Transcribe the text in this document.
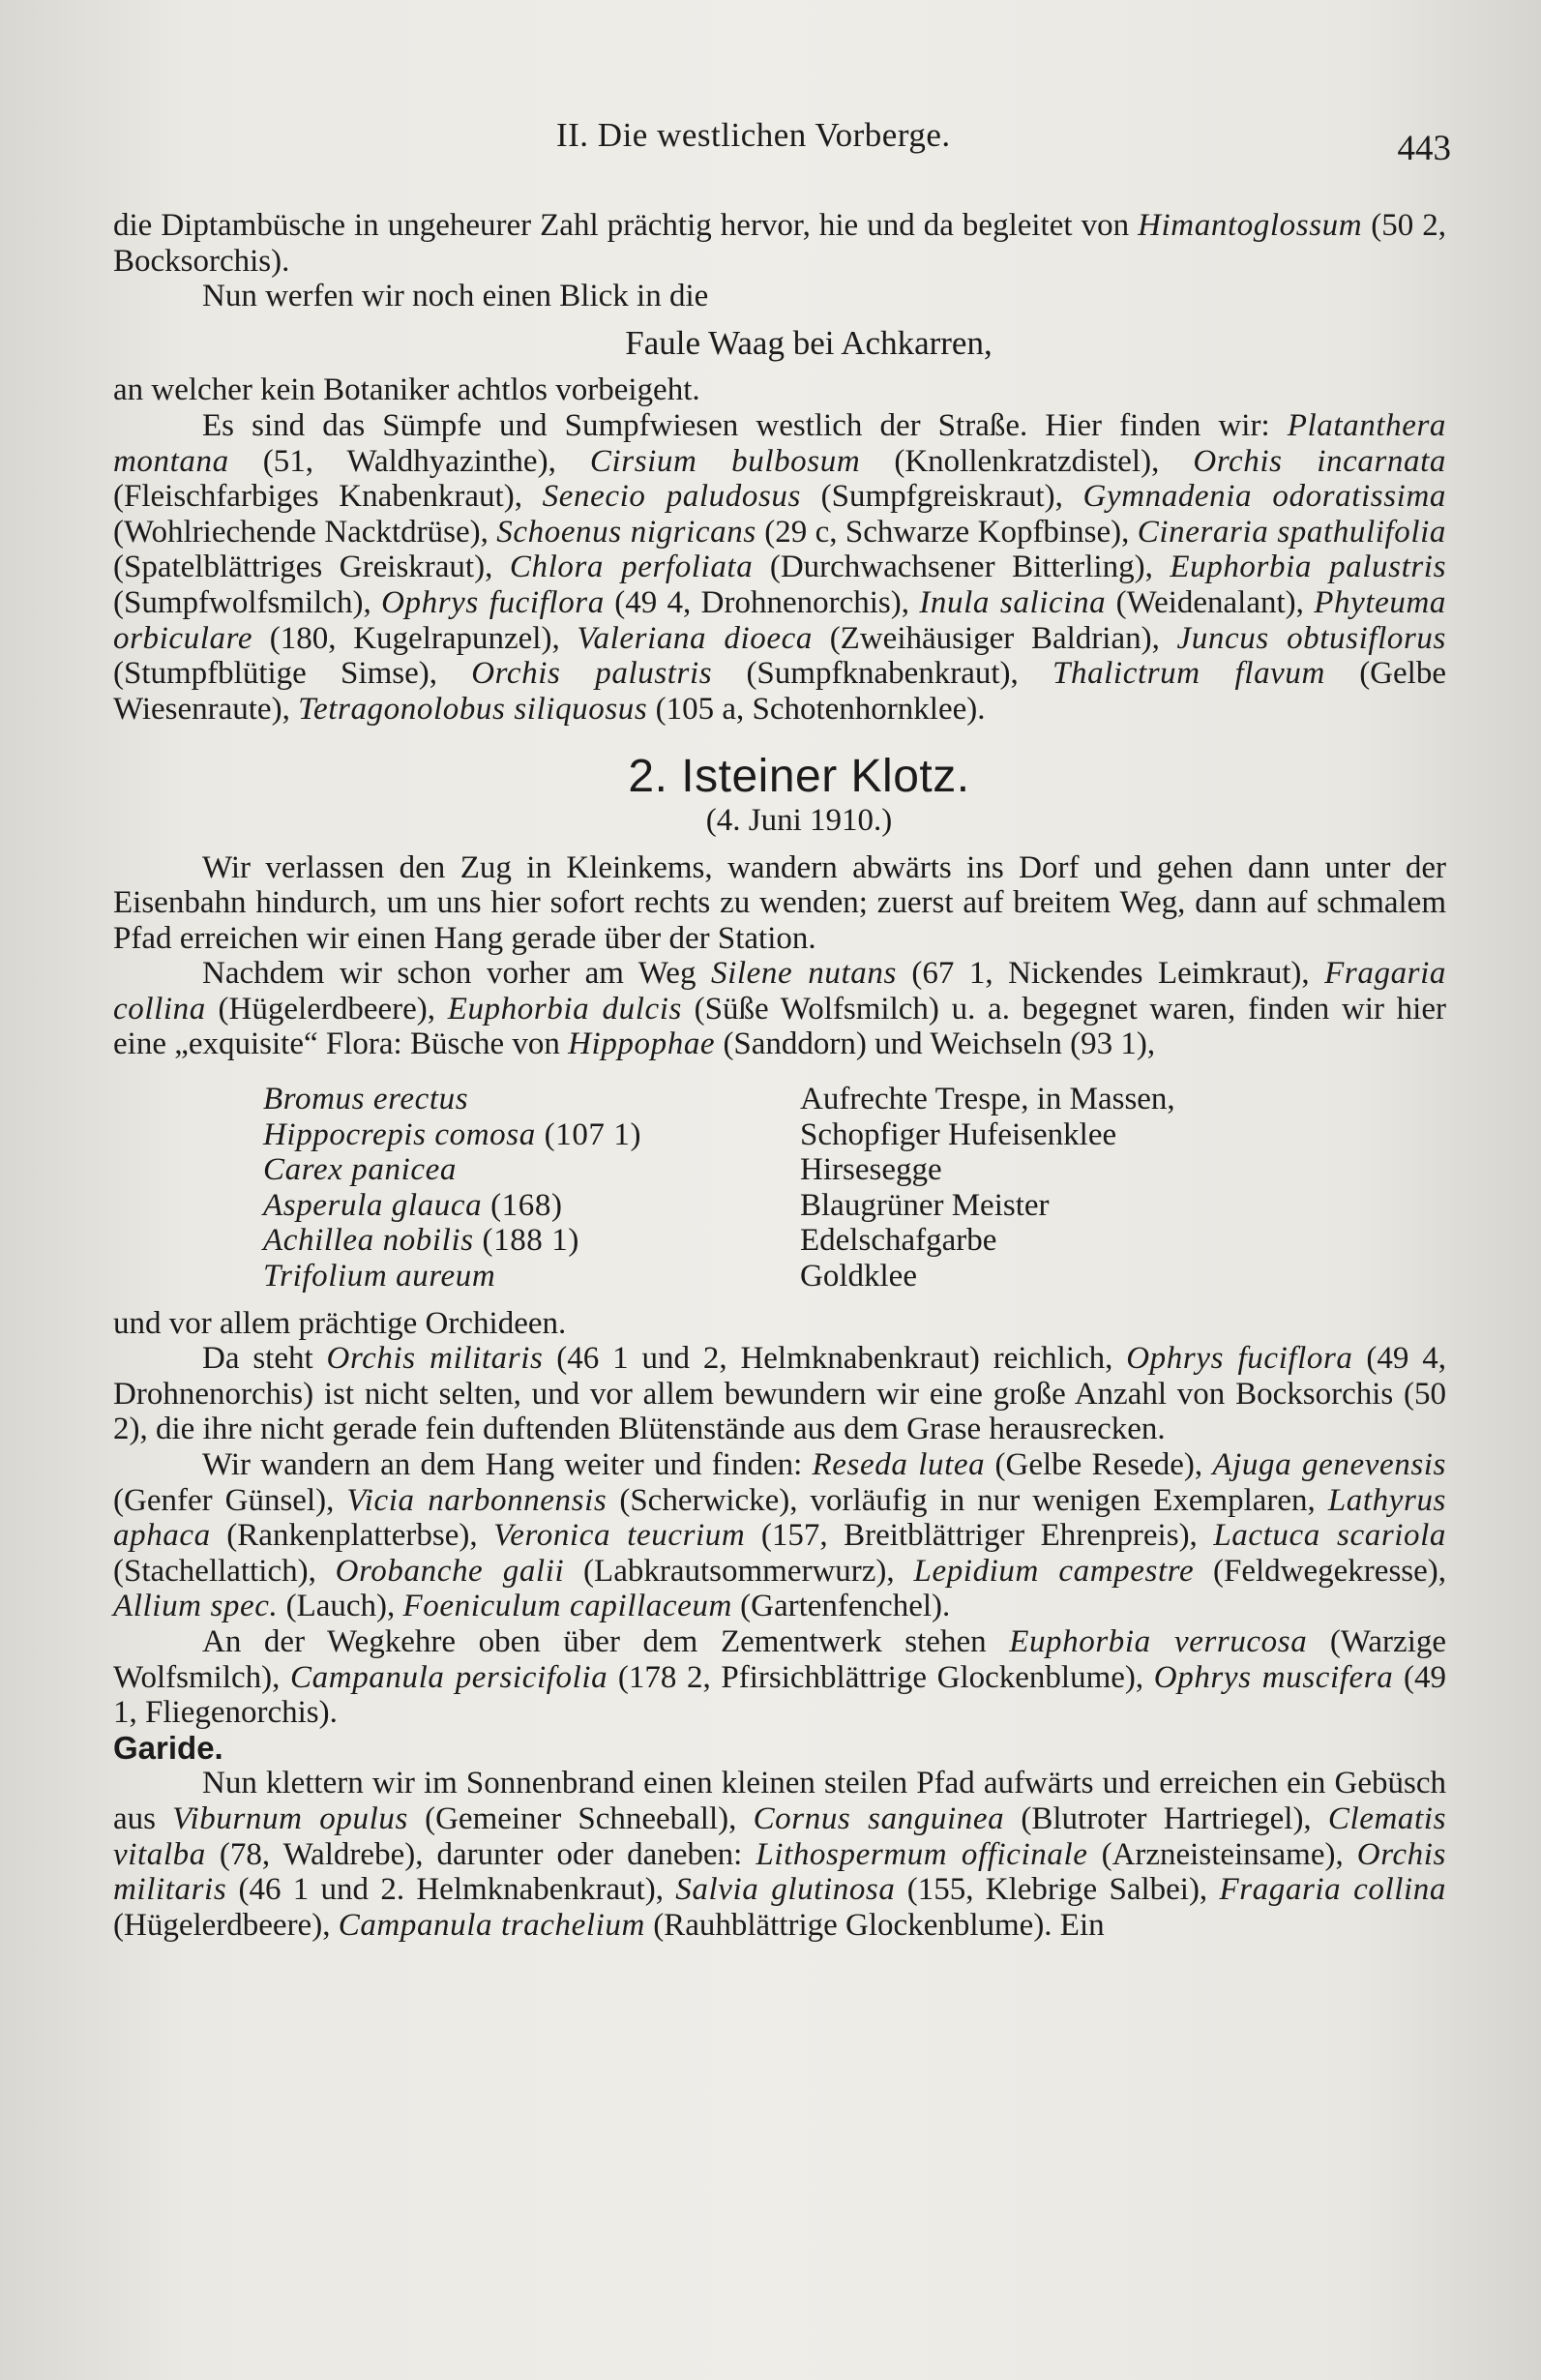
II. Die westlichen Vorberge.	443

die Diptambüsche in ungeheurer Zahl prächtig hervor, hie und da begleitet von Himantoglossum (50 2, Bocksorchis).

Nun werfen wir noch einen Blick in die

Faule Waag bei Achkarren,

an welcher kein Botaniker achtlos vorbeigeht.

Es sind das Sümpfe und Sumpfwiesen westlich der Straße. Hier finden wir: Platanthera montana (51, Waldhyazinthe), Cirsium bulbosum (Knollenkratzdistel), Orchis incarnata (Fleischfarbiges Knabenkraut), Senecio paludosus (Sumpfgreiskraut), Gymnadenia odoratissima (Wohlriechende Nacktdrüse), Schoenus nigricans (29 c, Schwarze Kopfbinse), Cineraria spathulifolia (Spatelblättriges Greiskraut), Chlora perfoliata (Durchwachsener Bitterling), Euphorbia palustris (Sumpfwolfsmilch), Ophrys fuciflora (49 4, Drohnenorchis), Inula salicina (Weidenalant), Phyteuma orbiculare (180, Kugelrapunzel), Valeriana dioeca (Zweihäusiger Baldrian), Juncus obtusiflorus (Stumpfblütige Simse), Orchis palustris (Sumpfknabenkraut), Thalictrum flavum (Gelbe Wiesenraute), Tetragonolobus siliquosus (105 a, Schotenhornklee).

2. Isteiner Klotz.

(4. Juni 1910.)

Wir verlassen den Zug in Kleinkems, wandern abwärts ins Dorf und gehen dann unter der Eisenbahn hindurch, um uns hier sofort rechts zu wenden; zuerst auf breitem Weg, dann auf schmalem Pfad erreichen wir einen Hang gerade über der Station.

Nachdem wir schon vorher am Weg Silene nutans (67 1, Nickendes Leimkraut), Fragaria collina (Hügelerdbeere), Euphorbia dulcis (Süße Wolfsmilch) u. a. begegnet waren, finden wir hier eine „exquisite“ Flora: Büsche von Hippophae (Sanddorn) und Weichseln (93 1),

Bromus erectus	Aufrechte Trespe, in Massen,
Hippocrepis comosa (107 1)	Schopfiger Hufeisenklee
Carex panicea	Hirsesegge
Asperula glauca (168)	Blaugrüner Meister
Achillea nobilis (188 1)	Edelschafgarbe
Trifolium aureum	Goldklee

und vor allem prächtige Orchideen.

Da steht Orchis militaris (46 1 und 2, Helmknabenkraut) reichlich, Ophrys fuciflora (49 4, Drohnenorchis) ist nicht selten, und vor allem bewundern wir eine große Anzahl von Bocksorchis (50 2), die ihre nicht gerade fein duftenden Blütenstände aus dem Grase herausrecken.

Wir wandern an dem Hang weiter und finden: Reseda lutea (Gelbe Resede), Ajuga genevensis (Genfer Günsel), Vicia narbonnensis (Scherwicke), vorläufig in nur wenigen Exemplaren, Lathyrus aphaca (Rankenplatterbse), Veronica teucrium (157, Breitblättriger Ehrenpreis), Lactuca scariola (Stachellattich), Orobanche galii (Labkrautsommerwurz), Lepidium campestre (Feldwegekresse), Allium spec. (Lauch), Foeniculum capillaceum (Gartenfenchel).

An der Wegkehre oben über dem Zementwerk stehen Euphorbia verrucosa (Warzige Wolfsmilch), Campanula persicifolia (178 2, Pfirsichblättrige Glockenblume), Ophrys muscifera (49 1, Fliegenorchis).

Garide.

Nun klettern wir im Sonnenbrand einen kleinen steilen Pfad aufwärts und erreichen ein Gebüsch aus Viburnum opulus (Gemeiner Schneeball), Cornus sanguinea (Blutroter Hartriegel), Clematis vitalba (78, Waldrebe), darunter oder daneben: Lithospermum officinale (Arzneisteinsame), Orchis militaris (46 1 und 2. Helmknabenkraut), Salvia glutinosa (155, Klebrige Salbei), Fragaria collina (Hügelerdbeere), Campanula trachelium (Rauhblättrige Glockenblume). Ein
